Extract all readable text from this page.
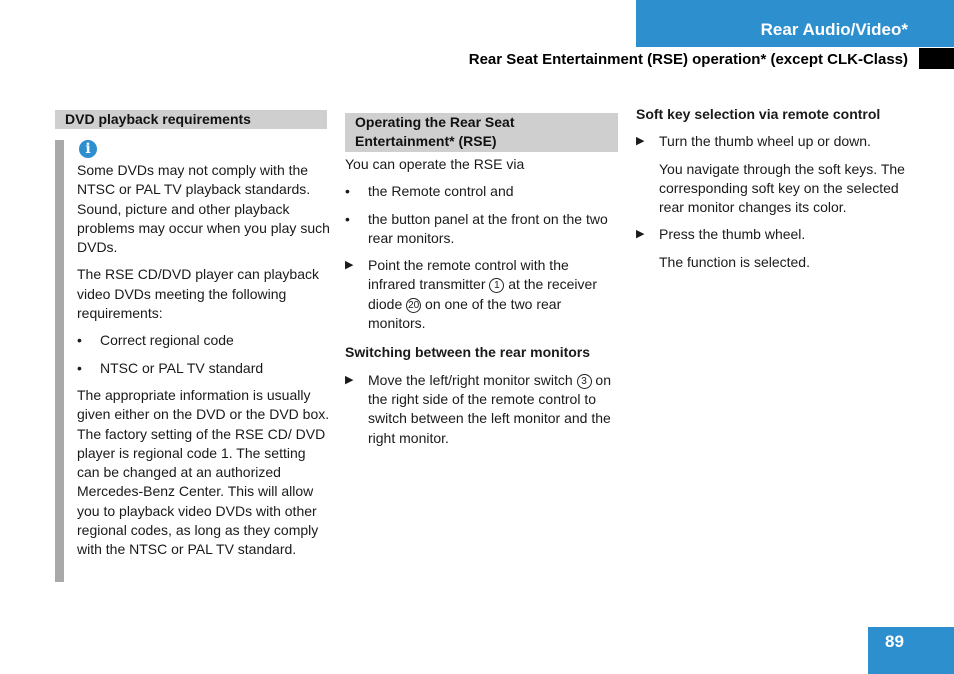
Rear Audio/Video*
Rear Seat Entertainment (RSE) operation* (except CLK-Class)
DVD playback requirements
i

Some DVDs may not comply with the NTSC or PAL TV playback standards. Sound, picture and other playback problems may occur when you play such DVDs.

The RSE CD/DVD player can playback video DVDs meeting the following requirements:

• Correct regional code
• NTSC or PAL TV standard

The appropriate information is usually given either on the DVD or the DVD box. The factory setting of the RSE CD/ DVD player is regional code 1. The setting can be changed at an authorized Mercedes-Benz Center. This will allow you to playback video DVDs with other regional codes, as long as they comply with the NTSC or PAL TV standard.

Operating the Rear Seat Entertainment* (RSE)

You can operate the RSE via

• the Remote control and
• the button panel at the front on the two rear monitors.
▶ Point the remote control with the infrared transmitter 1 at the receiver diode 20 on one of the two rear monitors.
Switching between the rear monitors
▶ Move the left/right monitor switch 3 on the right side of the remote control to switch between the left monitor and the right monitor.
Soft key selection via remote control
▶ Turn the thumb wheel up or down.

You navigate through the soft keys. The corresponding soft key on the selected rear monitor changes its color.

▶ Press the thumb wheel.

The function is selected.

89
